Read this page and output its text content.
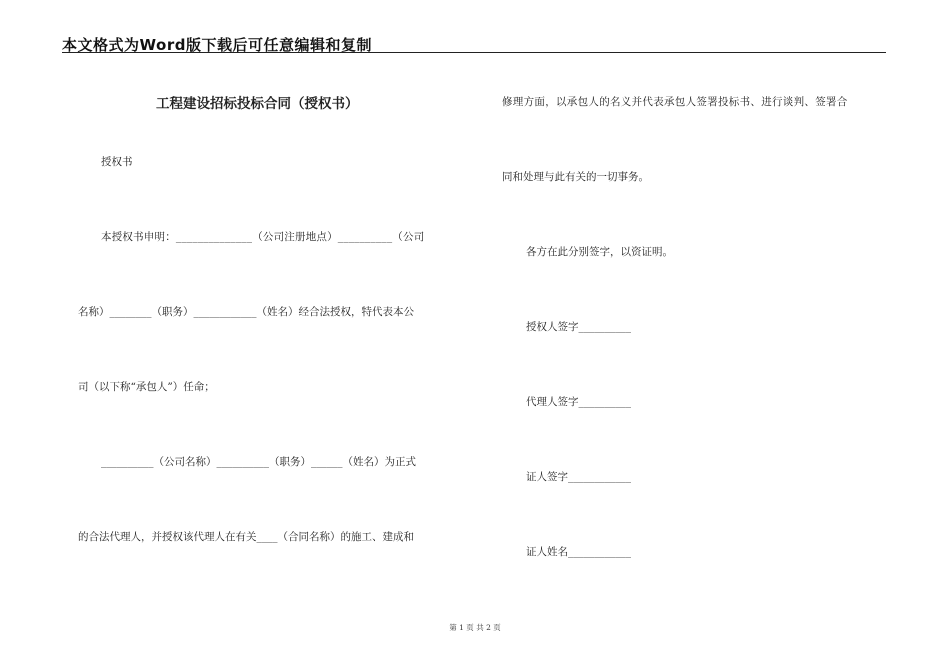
本文格式为Word版下载后可任意编辑和复制
工程建设招标投标合同（授权书）
授权书
本授权书申明：______________（公司注册地点）__________（公司
名称）________（职务）____________（姓名）经合法授权，特代表本公
司（以下称“承包人”）任命；
__________（公司名称）__________（职务）______（姓名）为正式
的合法代理人，并授权该代理人在有关____（合同名称）的施工、建成和
修理方面，以承包人的名义并代表承包人签署投标书、进行谈判、签署合
同和处理与此有关的一切事务。
各方在此分别签字，以资证明。
授权人签字__________
代理人签字__________
证人签字____________
证人姓名____________
第 1 页 共 2 页
